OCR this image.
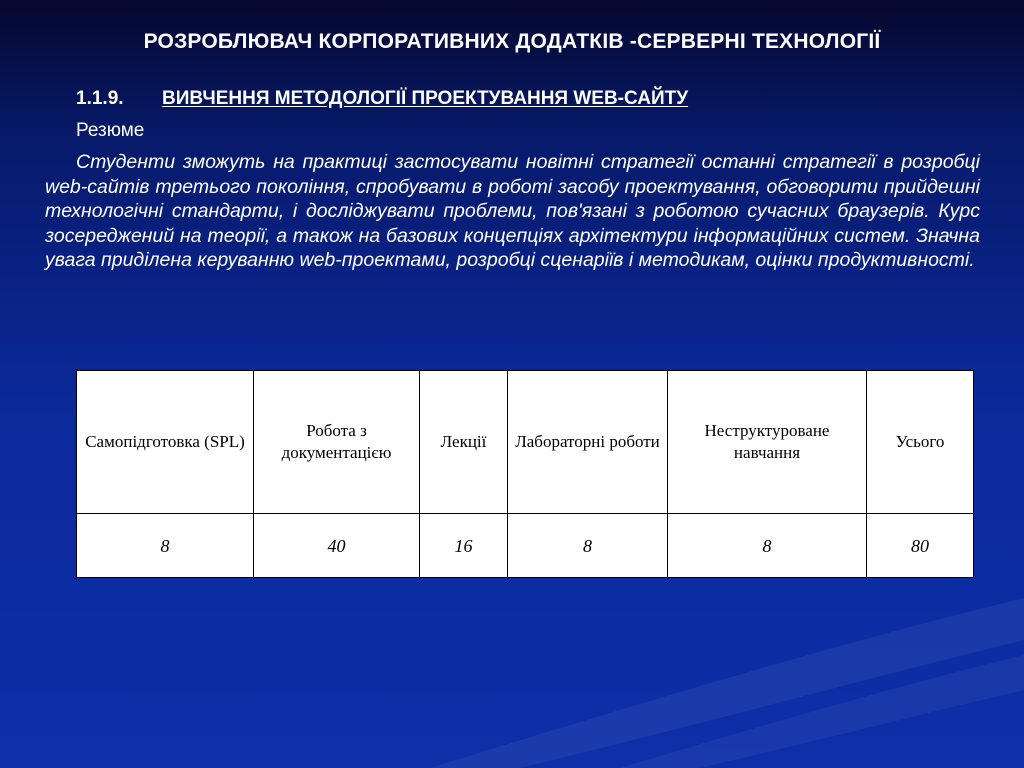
РОЗРОБЛЮВАЧ КОРПОРАТИВНИХ ДОДАТКІВ -СЕРВЕРНІ ТЕХНОЛОГІЇ
1.1.9. ВИВЧЕННЯ МЕТОДОЛОГІЇ ПРОЕКТУВАННЯ WEB-САЙТУ
Резюме

Студенти зможуть на практиці застосувати новітні стратегії останні стратегії в розробці web-сайтів третього покоління, спробувати в роботі засобу проектування, обговорити прийдешні технологічні стандарти, і досліджувати проблеми, пов'язані з роботою сучасних браузерів. Курс зосереджений на теорії, а також на базових концепціях архітектури інформаційних систем. Значна увага приділена керуванню web-проектами, розробці сценаріїв і методикам, оцінки продуктивності.

Самопідготовка (SPL)	Робота з документацією	Лекції	Лабораторні роботи	Неструктуроване навчання	Усього
8	40	16	8	8	80
